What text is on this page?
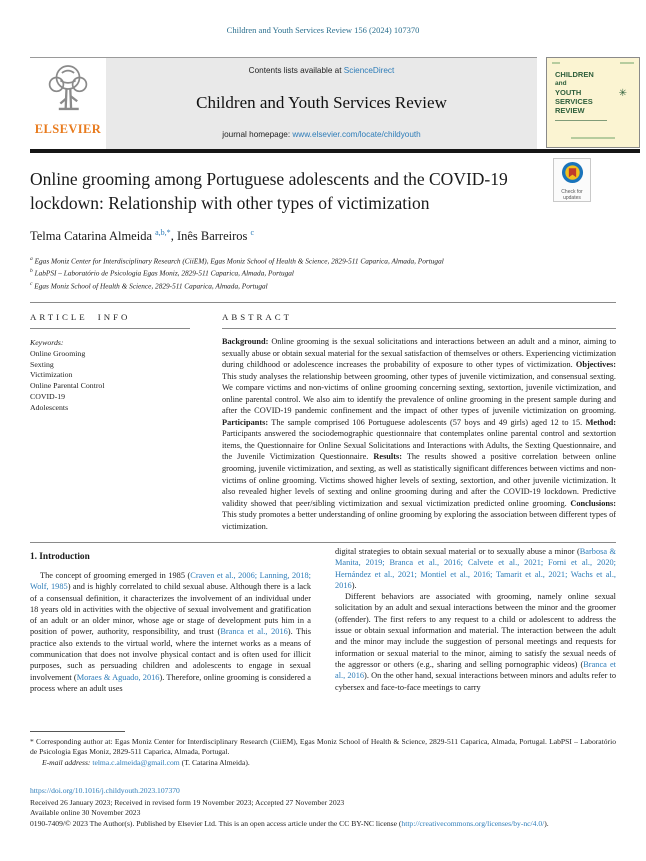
Children and Youth Services Review 156 (2024) 107370
ELSEVIER
Contents lists available at ScienceDirect
Children and Youth Services Review
journal homepage: www.elsevier.com/locate/childyouth
CHILDREN
and
YOUTH
SERVICES
REVIEW
✳
Check for updates
Online grooming among Portuguese adolescents and the COVID-19 lockdown: Relationship with other types of victimization
Telma Catarina Almeida $^{a,b,*}$, Inês Barreiros $^c$
$^a$ Egas Moniz Center for Interdisciplinary Research (CiiEM), Egas Moniz School of Health & Science, 2829-511 Caparica, Almada, Portugal
$^b$ LabPSI – Laboratório de Psicologia Egas Moniz, 2829-511 Caparica, Almada, Portugal
$^c$ Egas Moniz School of Health & Science, 2829-511 Caparica, Almada, Portugal
ARTICLE INFO
Keywords:
Online Grooming
Sexting
Victimization
Online Parental Control
COVID-19
Adolescents
ABSTRACT
Background: Online grooming is the sexual solicitations and interactions between an adult and a minor, aiming to sexually abuse or obtain sexual material for the sexual satisfaction of themselves or others. Experiencing victimization during childhood or adolescence increases the probability of exposure to other types of victimization. Objectives: This study analyses the relationship between grooming, other types of juvenile victimization, and consensual sexting. We compare victims and non-victims of online grooming concerning sexting, sextortion, juvenile victimization, and online parental control. We also aim to identify the prevalence of online grooming in the present sample during and after the COVID-19 pandemic confinement and the impact of other types of juvenile victimization on grooming. Participants: The sample comprised 106 Portuguese adolescents (57 boys and 49 girls) aged 12 to 15. Method: Participants answered the sociodemographic questionnaire that contemplates online parental control and sextortion items, the Questionnaire for Online Sexual Solicitations and Interactions with Adults, the Sexting Questionnaire, and the Juvenile Victimization Questionnaire. Results: The results showed a positive correlation between online grooming, juvenile victimization, and sexting, as well as statistically significant differences between victims and non-victims of online grooming. Victims showed higher levels of sexting, sextortion, and other juvenile victimization. It also revealed higher levels of sexting and online grooming during and after the COVID-19 lockdown. Predictive validity showed that peer/sibling victimization and sexual victimization predicted online grooming. Conclusions: This study promotes a better understanding of online grooming by exploring the association between different types of victimization.
1. Introduction

The concept of grooming emerged in 1985 (Craven et al., 2006; Lanning, 2018; Wolf, 1985) and is highly correlated to child sexual abuse. Although there is a lack of a consensual definition, it characterizes the involvement of an individual under 18 years old in activities with the objective of sexual involvement and gratification of an adult or an older minor, whose age or stage of development puts him in a position of power, authority, responsibility, and trust (Branca et al., 2016). This practice also extends to the virtual world, where the internet works as a means of communication that does not involve physical contact and is often used for illicit purposes, such as persuading children and adolescents to engage in sexual involvement (Moraes & Aguado, 2016). Therefore, online grooming is considered a process where an adult uses

digital strategies to obtain sexual material or to sexually abuse a minor (Barbosa & Manita, 2019; Branca et al., 2016; Calvete et al., 2021; Forni et al., 2020; Hernández et al., 2021; Montiel et al., 2016; Tamarit et al., 2021; Wachs et al., 2016).

Different behaviors are associated with grooming, namely online sexual solicitation by an adult and sexual interactions between the minor and the groomer (offender). The first refers to any request to a child or adolescent to address the issue or obtain sexual information and material. The interaction between the adult and the minor may include the suggestion of personal meetings and requests for information or sexual material to the minor, aiming to satisfy the sexual needs of the aggressor or others (e.g., sharing and selling pornographic videos) (Branca et al., 2016). On the other hand, sexual interactions between minors and adults refer to cybersex and face-to-face meetings to carry

* Corresponding author at: Egas Moniz Center for Interdisciplinary Research (CiiEM), Egas Moniz School of Health & Science, 2829-511 Caparica, Almada, Portugal. LabPSI – Laboratório de Psicologia Egas Moniz, 2829-511 Caparica, Almada, Portugal.
E-mail address: telma.c.almeida@gmail.com (T. Catarina Almeida).
https://doi.org/10.1016/j.childyouth.2023.107370
Received 26 January 2023; Received in revised form 19 November 2023; Accepted 27 November 2023
Available online 30 November 2023
0190-7409/© 2023 The Author(s). Published by Elsevier Ltd. This is an open access article under the CC BY-NC license (http://creativecommons.org/licenses/by-nc/4.0/).
